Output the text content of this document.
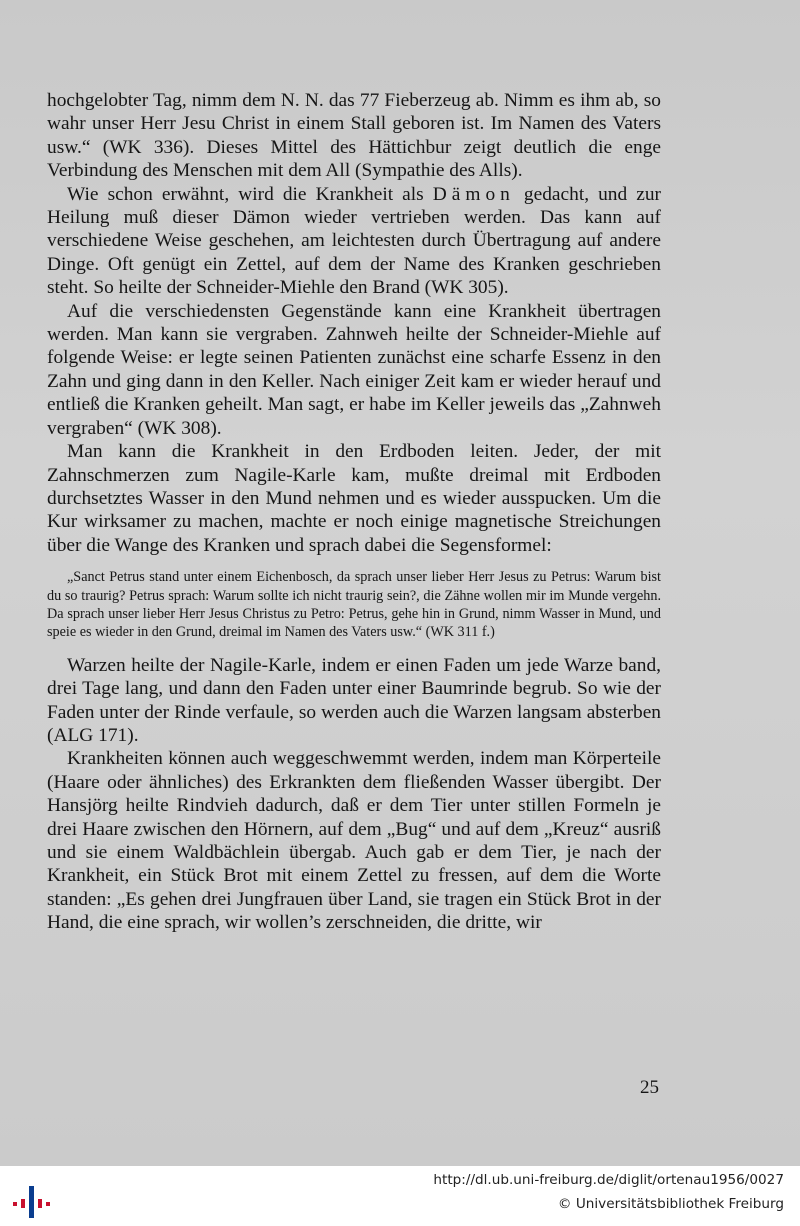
hochgelobter Tag, nimm dem N. N. das 77 Fieberzeug ab. Nimm es ihm ab, so wahr unser Herr Jesu Christ in einem Stall geboren ist. Im Namen des Vaters usw.“ (WK 336). Dieses Mittel des Hättichbur zeigt deutlich die enge Verbindung des Menschen mit dem All (Sympathie des Alls).

Wie schon erwähnt, wird die Krankheit als Dämon gedacht, und zur Heilung muß dieser Dämon wieder vertrieben werden. Das kann auf verschiedene Weise geschehen, am leichtesten durch Übertragung auf andere Dinge. Oft genügt ein Zettel, auf dem der Name des Kranken geschrieben steht. So heilte der Schneider-Miehle den Brand (WK 305).

Auf die verschiedensten Gegenstände kann eine Krankheit übertragen werden. Man kann sie vergraben. Zahnweh heilte der Schneider-Miehle auf folgende Weise: er legte seinen Patienten zunächst eine scharfe Essenz in den Zahn und ging dann in den Keller. Nach einiger Zeit kam er wieder herauf und entließ die Kranken geheilt. Man sagt, er habe im Keller jeweils das „Zahnweh vergraben“ (WK 308).

Man kann die Krankheit in den Erdboden leiten. Jeder, der mit Zahnschmerzen zum Nagile-Karle kam, mußte dreimal mit Erdboden durchsetztes Wasser in den Mund nehmen und es wieder ausspucken. Um die Kur wirksamer zu machen, machte er noch einige magnetische Streichungen über die Wange des Kranken und sprach dabei die Segensformel:

„Sanct Petrus stand unter einem Eichenbosch, da sprach unser lieber Herr Jesus zu Petrus: Warum bist du so traurig? Petrus sprach: Warum sollte ich nicht traurig sein?, die Zähne wollen mir im Munde vergehn. Da sprach unser lieber Herr Jesus Christus zu Petro: Petrus, gehe hin in Grund, nimm Wasser in Mund, und speie es wieder in den Grund, dreimal im Namen des Vaters usw.“ (WK 311 f.)

Warzen heilte der Nagile-Karle, indem er einen Faden um jede Warze band, drei Tage lang, und dann den Faden unter einer Baumrinde begrub. So wie der Faden unter der Rinde verfaule, so werden auch die Warzen langsam absterben (ALG 171).

Krankheiten können auch weggeschwemmt werden, indem man Körperteile (Haare oder ähnliches) des Erkrankten dem fließenden Wasser übergibt. Der Hansjörg heilte Rindvieh dadurch, daß er dem Tier unter stillen Formeln je drei Haare zwischen den Hörnern, auf dem „Bug“ und auf dem „Kreuz“ ausriß und sie einem Waldbächlein übergab. Auch gab er dem Tier, je nach der Krankheit, ein Stück Brot mit einem Zettel zu fressen, auf dem die Worte standen: „Es gehen drei Jungfrauen über Land, sie tragen ein Stück Brot in der Hand, die eine sprach, wir wollen’s zerschneiden, die dritte, wir

25
http://dl.ub.uni-freiburg.de/diglit/ortenau1956/0027
© Universitätsbibliothek Freiburg
